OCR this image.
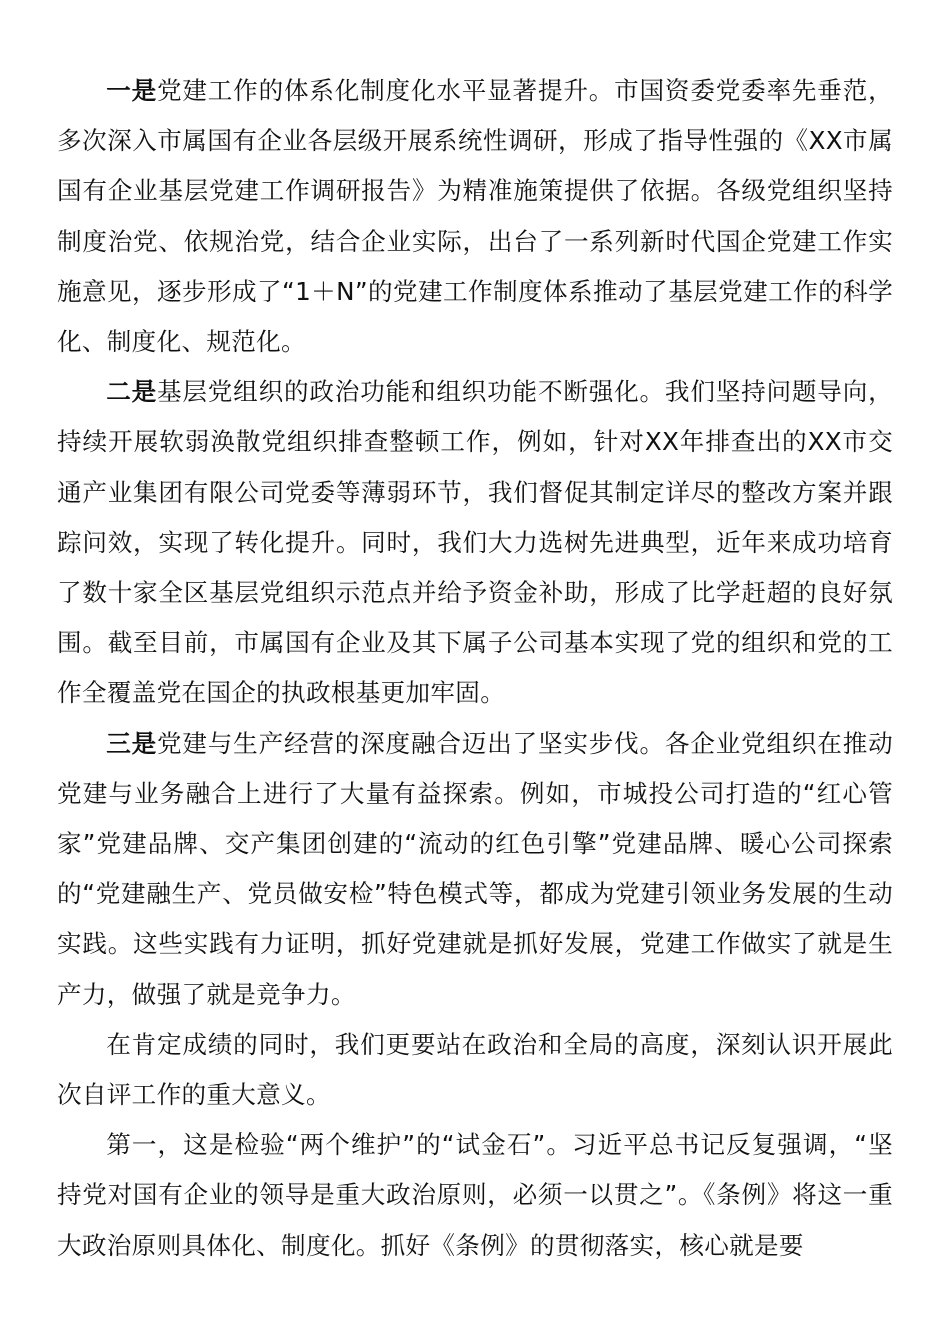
一是党建工作的体系化制度化水平显著提升。市国资委党委率先垂范，多次深入市属国有企业各层级开展系统性调研，形成了指导性强的《XX市属国有企业基层党建工作调研报告》为精准施策提供了依据。各级党组织坚持制度治党、依规治党，结合企业实际，出台了一系列新时代国企党建工作实施意见，逐步形成了“1＋N”的党建工作制度体系推动了基层党建工作的科学化、制度化、规范化。

二是基层党组织的政治功能和组织功能不断强化。我们坚持问题导向，持续开展软弱涣散党组织排查整顿工作，例如，针对XX年排查出的XX市交通产业集团有限公司党委等薄弱环节，我们督促其制定详尽的整改方案并跟踪问效，实现了转化提升。同时，我们大力选树先进典型，近年来成功培育了数十家全区基层党组织示范点并给予资金补助，形成了比学赶超的良好氛围。截至目前，市属国有企业及其下属子公司基本实现了党的组织和党的工作全覆盖党在国企的执政根基更加牢固。

三是党建与生产经营的深度融合迈出了坚实步伐。各企业党组织在推动党建与业务融合上进行了大量有益探索。例如，市城投公司打造的“红心管家”党建品牌、交产集团创建的“流动的红色引擎”党建品牌、暖心公司探索的“党建融生产、党员做安检”特色模式等，都成为党建引领业务发展的生动实践。这些实践有力证明，抓好党建就是抓好发展，党建工作做实了就是生产力，做强了就是竞争力。

在肯定成绩的同时，我们更要站在政治和全局的高度，深刻认识开展此次自评工作的重大意义。

第一，这是检验“两个维护”的“试金石”。习近平总书记反复强调，“坚持党对国有企业的领导是重大政治原则，必须一以贯之”。《条例》将这一重大政治原则具体化、制度化。抓好《条例》的贯彻落实，核心就是要
